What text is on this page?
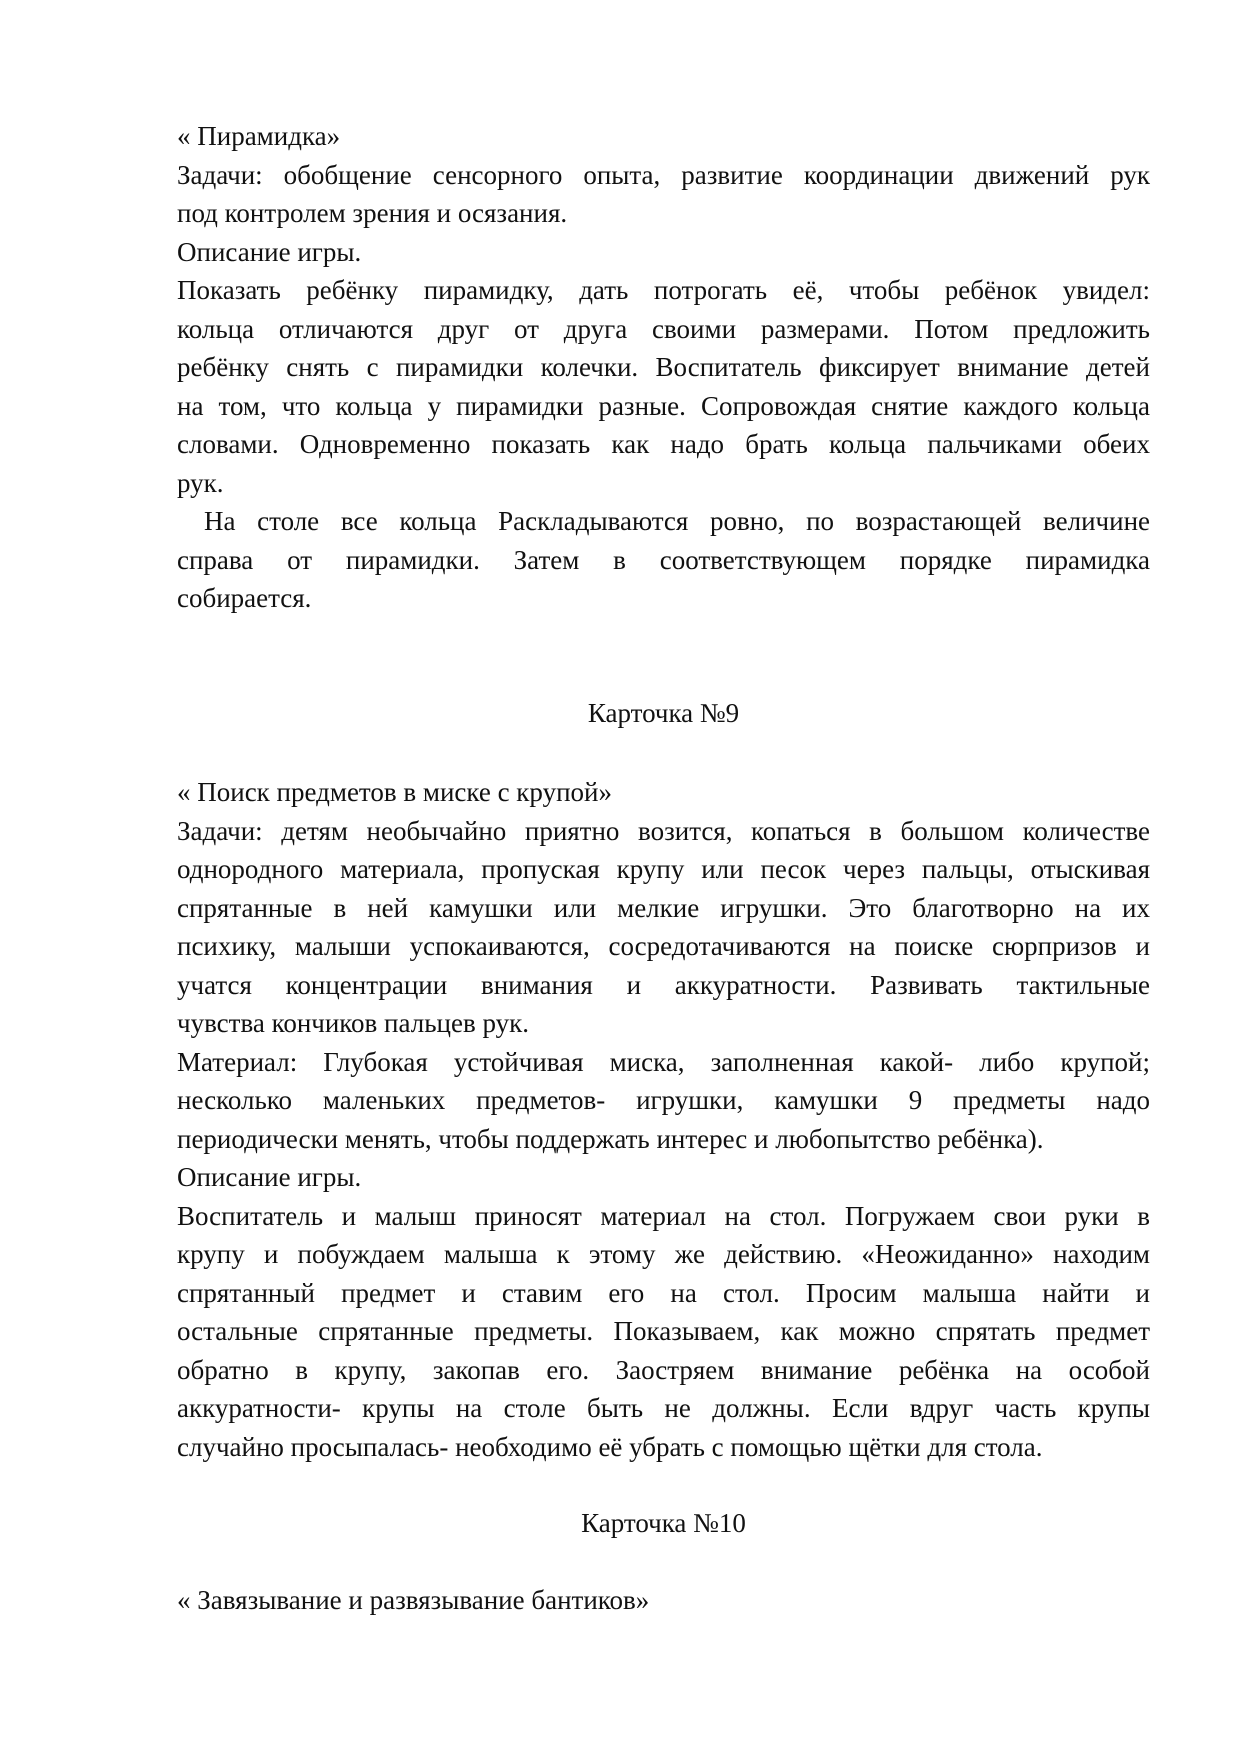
« Пирамидка»
Задачи: обобщение сенсорного опыта, развитие координации движений рук
под контролем зрения и осязания.
Описание игры.
Показать ребёнку пирамидку, дать потрогать её, чтобы ребёнок увидел:
кольца отличаются друг от друга своими размерами. Потом предложить
ребёнку снять с пирамидки колечки. Воспитатель фиксирует внимание детей
на том, что кольца у пирамидки разные. Сопровождая снятие каждого кольца
словами. Одновременно показать как надо брать кольца пальчиками обеих
рук.
На столе все кольца Раскладываются ровно, по возрастающей величине
справа от пирамидки. Затем в соответствующем порядке пирамидка
собирается.
Карточка №9
« Поиск предметов в миске с крупой»
Задачи: детям необычайно приятно возится, копаться в большом количестве
однородного материала, пропуская крупу или песок через пальцы, отыскивая
спрятанные в ней камушки или мелкие игрушки. Это благотворно на их
психику, малыши успокаиваются, сосредотачиваются на поиске сюрпризов и
учатся концентрации внимания и аккуратности. Развивать тактильные
чувства кончиков пальцев рук.
Материал: Глубокая устойчивая миска, заполненная какой- либо крупой;
несколько маленьких предметов- игрушки, камушки 9 предметы надо
периодически менять, чтобы поддержать интерес и любопытство ребёнка).
Описание игры.
Воспитатель и малыш приносят материал на стол. Погружаем свои руки в
крупу и побуждаем малыша к этому же действию. «Неожиданно» находим
спрятанный предмет и ставим его на стол. Просим малыша найти и
остальные спрятанные предметы. Показываем, как можно спрятать предмет
обратно в крупу, закопав его. Заостряем внимание ребёнка на особой
аккуратности- крупы на столе быть не должны. Если вдруг часть крупы
случайно просыпалась- необходимо её убрать с помощью щётки для стола.
Карточка №10
« Завязывание и развязывание бантиков»
